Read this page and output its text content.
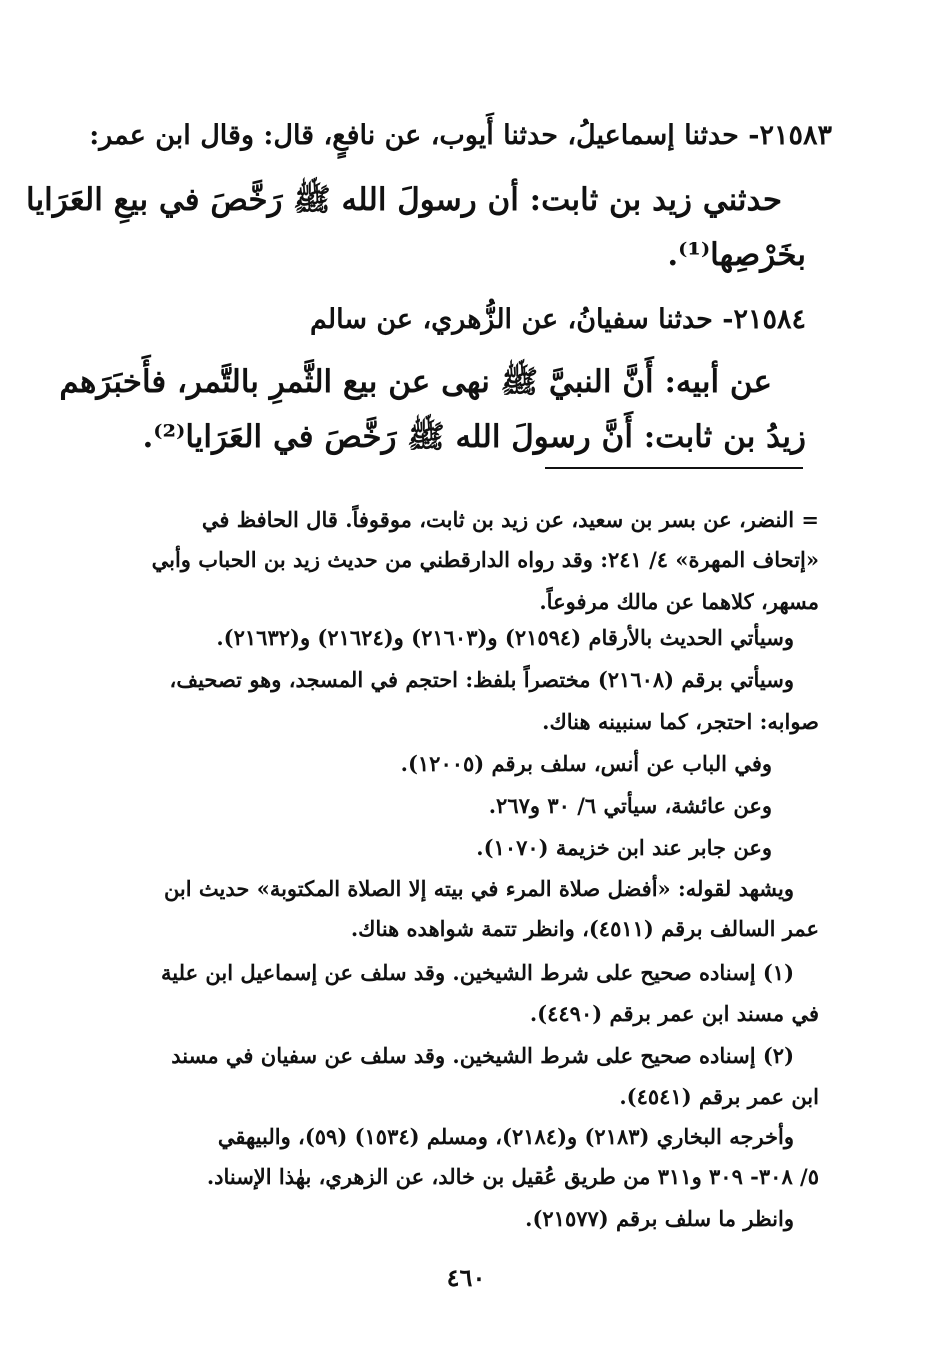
٢١٥٨٣- حدثنا إسماعيلُ، حدثنا أَيوب، عن نافعٍ، قال: وقال ابن عمر:
حدثني زيد بن ثابت: أن رسولَ الله ﷺ رَخَّصَ في بيعِ العَرَايا
بخَرْصِها⁽¹⁾.
٢١٥٨٤- حدثنا سفيانُ، عن الزُّهري، عن سالم
عن أبيه: أَنَّ النبيَّ ﷺ نهى عن بيع الثَّمرِ بالتَّمر، فأَخبَرَهم
زيدُ بن ثابت: أَنَّ رسولَ الله ﷺ رَخَّصَ في العَرَايا⁽²⁾.
= النضر، عن بسر بن سعيد، عن زيد بن ثابت، موقوفاً. قال الحافظ في
«إتحاف المهرة» ٤/ ٢٤١: وقد رواه الدارقطني من حديث زيد بن الحباب وأبي
مسهر، كلاهما عن مالك مرفوعاً.
وسيأتي الحديث بالأرقام (٢١٥٩٤) و(٢١٦٠٣) و(٢١٦٢٤) و(٢١٦٣٢).
وسيأتي برقم (٢١٦٠٨) مختصراً بلفظ: احتجم في المسجد، وهو تصحيف،
صوابه: احتجر، كما سنبينه هناك.
وفي الباب عن أنس، سلف برقم (١٢٠٠٥).
وعن عائشة، سيأتي ٦/ ٣٠ و٢٦٧.
وعن جابر عند ابن خزيمة (١٠٧٠).
ويشهد لقوله: «أفضل صلاة المرء في بيته إلا الصلاة المكتوبة» حديث ابن
عمر السالف برقم (٤٥١١)، وانظر تتمة شواهده هناك.
(١) إسناده صحيح على شرط الشيخين. وقد سلف عن إسماعيل ابن علية
في مسند ابن عمر برقم (٤٤٩٠).
(٢) إسناده صحيح على شرط الشيخين. وقد سلف عن سفيان في مسند
ابن عمر برقم (٤٥٤١).
وأخرجه البخاري (٢١٨٣) و(٢١٨٤)، ومسلم (١٥٣٤) (٥٩)، والبيهقي
٥/ ٣٠٨- ٣٠٩ و٣١١ من طريق عُقيل بن خالد، عن الزهري، بهٰذا الإسناد.
وانظر ما سلف برقم (٢١٥٧٧).
٤٦٠
